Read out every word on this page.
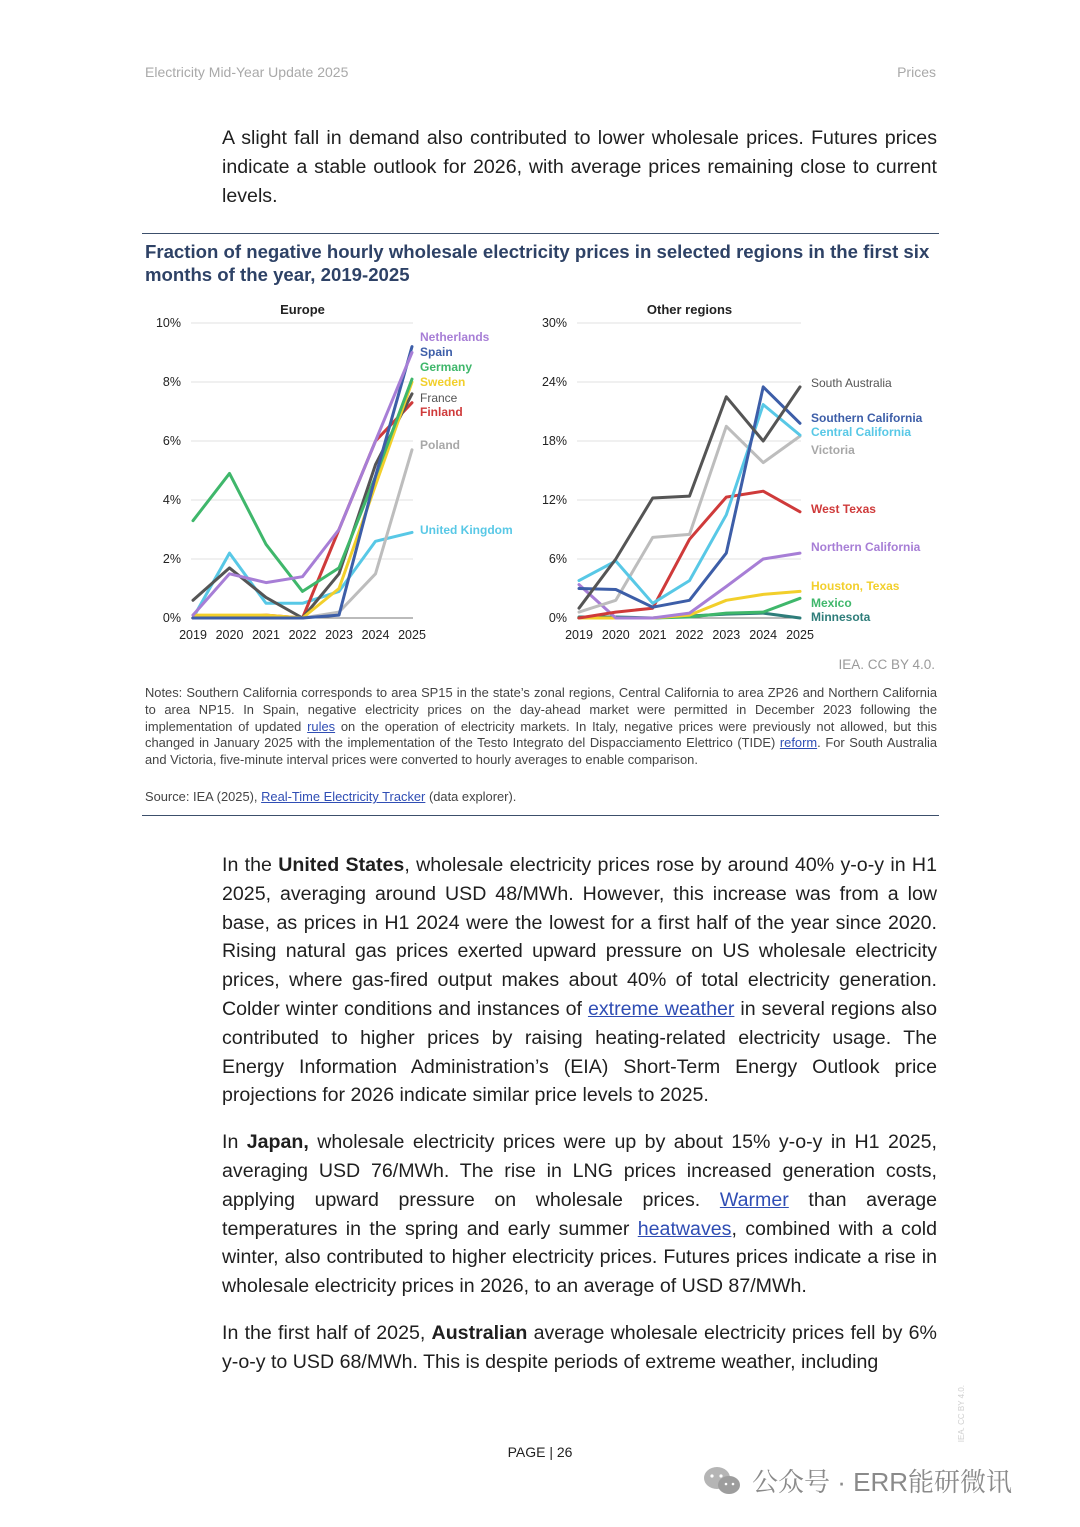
Electricity Mid-Year Update 2025	Prices

A slight fall in demand also contributed to lower wholesale prices. Futures prices indicate a stable outlook for 2026, with average prices remaining close to current levels.

Fraction of negative hourly wholesale electricity prices in selected regions in the first six months of the year, 2019-2025
Europe
0%
2%
4%
6%
8%
10%
2019 2020 2021 2022 2023 2024 2025
Netherlands
Spain
Germany
Sweden
France
Finland
Poland
United Kingdom
Other regions
0%
6%
12%
18%
24%
30%
2019 2020 2021 2022 2023 2024 2025
South Australia
Southern California
Central California
Victoria
West Texas
Northern California
Houston, Texas
Mexico
Minnesota
IEA. CC BY 4.0.

Notes: Southern California corresponds to area SP15 in the state’s zonal regions, Central California to area ZP26 and Northern California to area NP15. In Spain, negative electricity prices on the day-ahead market were permitted in December 2023 following the implementation of updated rules on the operation of electricity markets. In Italy, negative prices were previously not allowed, but this changed in January 2025 with the implementation of the Testo Integrato del Dispacciamento Elettrico (TIDE) reform. For South Australia and Victoria, five-minute interval prices were converted to hourly averages to enable comparison.

Source: IEA (2025), Real-Time Electricity Tracker (data explorer).

In the United States, wholesale electricity prices rose by around 40% y-o-y in H1 2025, averaging around USD 48/MWh. However, this increase was from a low base, as prices in H1 2024 were the lowest for a first half of the year since 2020. Rising natural gas prices exerted upward pressure on US wholesale electricity prices, where gas-fired output makes about 40% of total electricity generation. Colder winter conditions and instances of extreme weather in several regions also contributed to higher prices by raising heating-related electricity usage. The Energy Information Administration’s (EIA) Short-Term Energy Outlook price projections for 2026 indicate similar price levels to 2025.

In Japan, wholesale electricity prices were up by about 15% y-o-y in H1 2025, averaging USD 76/MWh. The rise in LNG prices increased generation costs, applying upward pressure on wholesale prices. Warmer than average temperatures in the spring and early summer heatwaves, combined with a cold winter, also contributed to higher electricity prices. Futures prices indicate a rise in wholesale electricity prices in 2026, to an average of USD 87/MWh.

In the first half of 2025, Australian average wholesale electricity prices fell by 6% y-o-y to USD 68/MWh. This is despite periods of extreme weather, including

PAGE | 26
IEA. CC BY 4.0.
公众号 · ERR能研微讯
